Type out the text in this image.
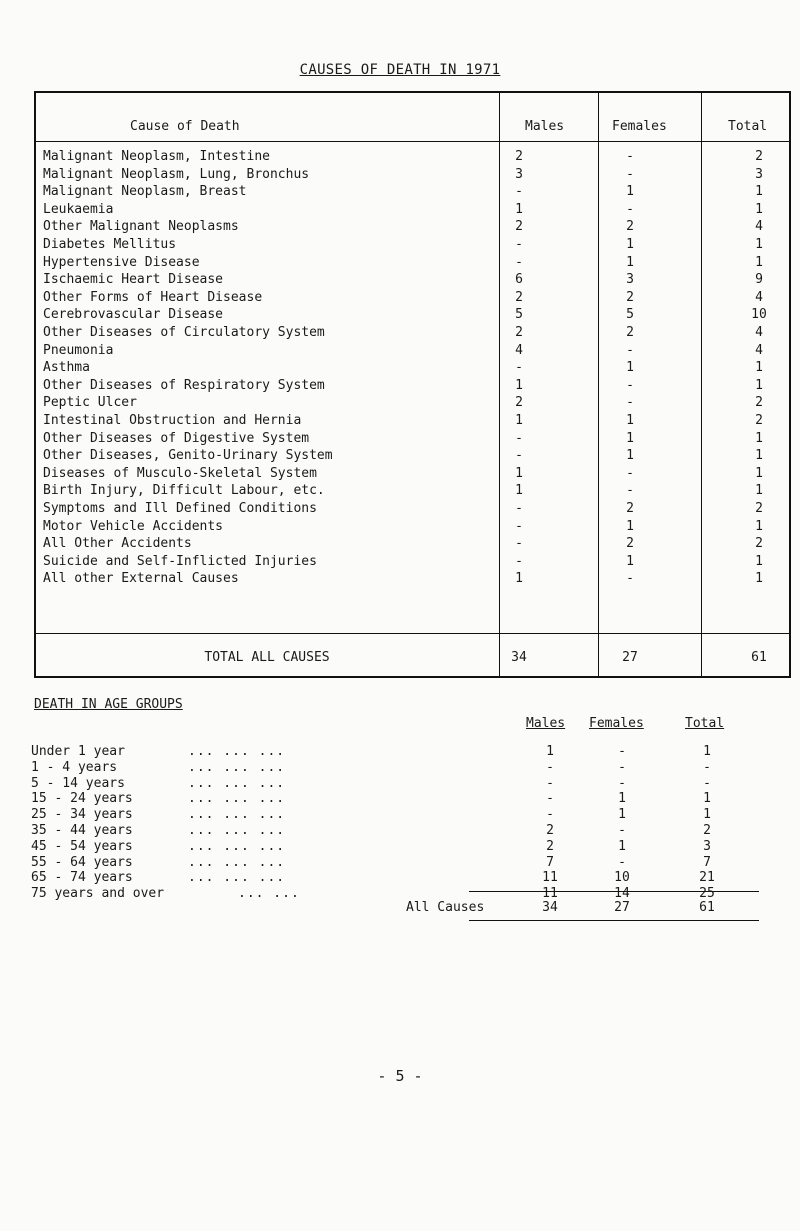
CAUSES OF DEATH IN 1971
Cause of Death	Males	Females	Total
Malignant Neoplasm, Intestine	2	-	2
Malignant Neoplasm, Lung, Bronchus	3	-	3
Malignant Neoplasm, Breast	-	1	1
Leukaemia	1	-	1
Other Malignant Neoplasms	2	2	4
Diabetes Mellitus	-	1	1
Hypertensive Disease	-	1	1
Ischaemic Heart Disease	6	3	9
Other Forms of Heart Disease	2	2	4
Cerebrovascular Disease	5	5	10
Other Diseases of Circulatory System	2	2	4
Pneumonia	4	-	4
Asthma	-	1	1
Other Diseases of Respiratory System	1	-	1
Peptic Ulcer	2	-	2
Intestinal Obstruction and Hernia	1	1	2
Other Diseases of Digestive System	-	1	1
Other Diseases, Genito-Urinary System	-	1	1
Diseases of Musculo-Skeletal System	1	-	1
Birth Injury, Difficult Labour, etc.	1	-	1
Symptoms and Ill Defined Conditions	-	2	2
Motor Vehicle Accidents	-	1	1
All Other Accidents	-	2	2
Suicide and Self-Inflicted Injuries	-	1	1
All other External Causes	1	-	1
TOTAL ALL CAUSES	34	27	61
DEATH IN AGE GROUPS
Males Females	Total
Under 1 year	... ... ...	1	-	1
1 - 4 years	... ... ...	-	-	-
5 - 14 years	... ... ...	-	-	-
15 - 24 years	... ... ...	-	1	1
25 - 34 years	... ... ...	-	1	1
35 - 44 years	... ... ...	2	-	2
45 - 54 years	... ... ...	2	1	3
55 - 64 years	... ... ...	7	-	7
65 - 74 years	... ... ...	11	10	21
75 years and over	... ...	11	14	25
All Causes	34	27	61
- 5 -
